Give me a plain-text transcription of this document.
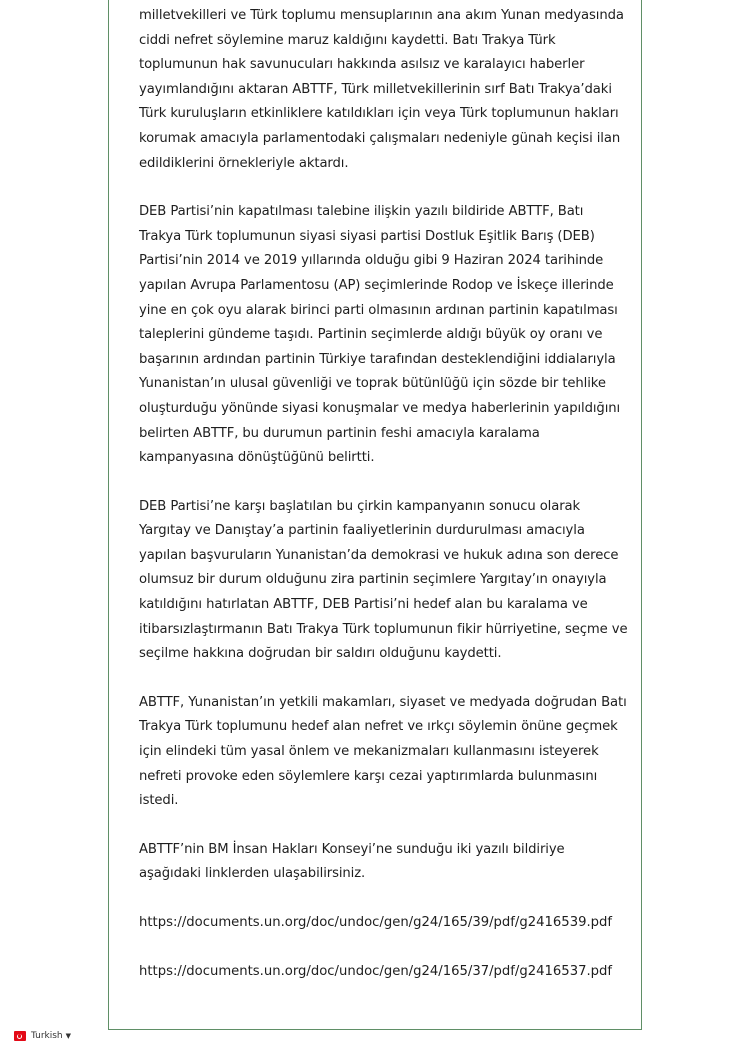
milletvekilleri ve Türk toplumu mensuplarının ana akım Yunan medyasında ciddi nefret söylemine maruz kaldığını kaydetti. Batı Trakya Türk toplumunun hak savunucuları hakkında asılsız ve karalayıcı haberler yayımlandığını aktaran ABTTF, Türk milletvekillerinin sırf Batı Trakya’daki Türk kuruluşların etkinliklere katıldıkları için veya Türk toplumunun hakları korumak amacıyla parlamentodaki çalışmaları nedeniyle günah keçisi ilan edildiklerini örnekleriyle aktardı.

DEB Partisi’nin kapatılması talebine ilişkin yazılı bildiride ABTTF, Batı Trakya Türk toplumunun siyasi siyasi partisi Dostluk Eşitlik Barış (DEB) Partisi’nin 2014 ve 2019 yıllarında olduğu gibi 9 Haziran 2024 tarihinde yapılan Avrupa Parlamentosu (AP) seçimlerinde Rodop ve İskeçe illerinde yine en çok oyu alarak birinci parti olmasının ardınan partinin kapatılması taleplerini gündeme taşıdı. Partinin seçimlerde aldığı büyük oy oranı ve başarının ardından partinin Türkiye tarafından desteklendiğini iddialarıyla Yunanistan’ın ulusal güvenliği ve toprak bütünlüğü için sözde bir tehlike oluşturduğu yönünde siyasi konuşmalar ve medya haberlerinin yapıldığını belirten ABTTF, bu durumun partinin feshi amacıyla karalama kampanyasına dönüştüğünü belirtti.

DEB Partisi’ne karşı başlatılan bu çirkin kampanyanın sonucu olarak Yargıtay ve Danıştay’a partinin faaliyetlerinin durdurulması amacıyla yapılan başvuruların Yunanistan’da demokrasi ve hukuk adına son derece olumsuz bir durum olduğunu zira partinin seçimlere Yargıtay’ın onayıyla katıldığını hatırlatan ABTTF, DEB Partisi’ni hedef alan bu karalama ve itibarsızlaştırmanın Batı Trakya Türk toplumunun fikir hürriyetine, seçme ve seçilme hakkına doğrudan bir saldırı olduğunu kaydetti.

ABTTF, Yunanistan’ın yetkili makamları, siyaset ve medyada doğrudan Batı Trakya Türk toplumunu hedef alan nefret ve ırkçı söylemin önüne geçmek için elindeki tüm yasal önlem ve mekanizmaları kullanmasını isteyerek nefreti provoke eden söylemlere karşı cezai yaptırımlarda bulunmasını istedi.

ABTTF’nin BM İnsan Hakları Konseyi’ne sunduğu iki yazılı bildiriye aşağıdaki linklerden ulaşabilirsiniz.

https://documents.un.org/doc/undoc/gen/g24/165/39/pdf/g2416539.pdf

https://documents.un.org/doc/undoc/gen/g24/165/37/pdf/g2416537.pdf

Turkish ▼
